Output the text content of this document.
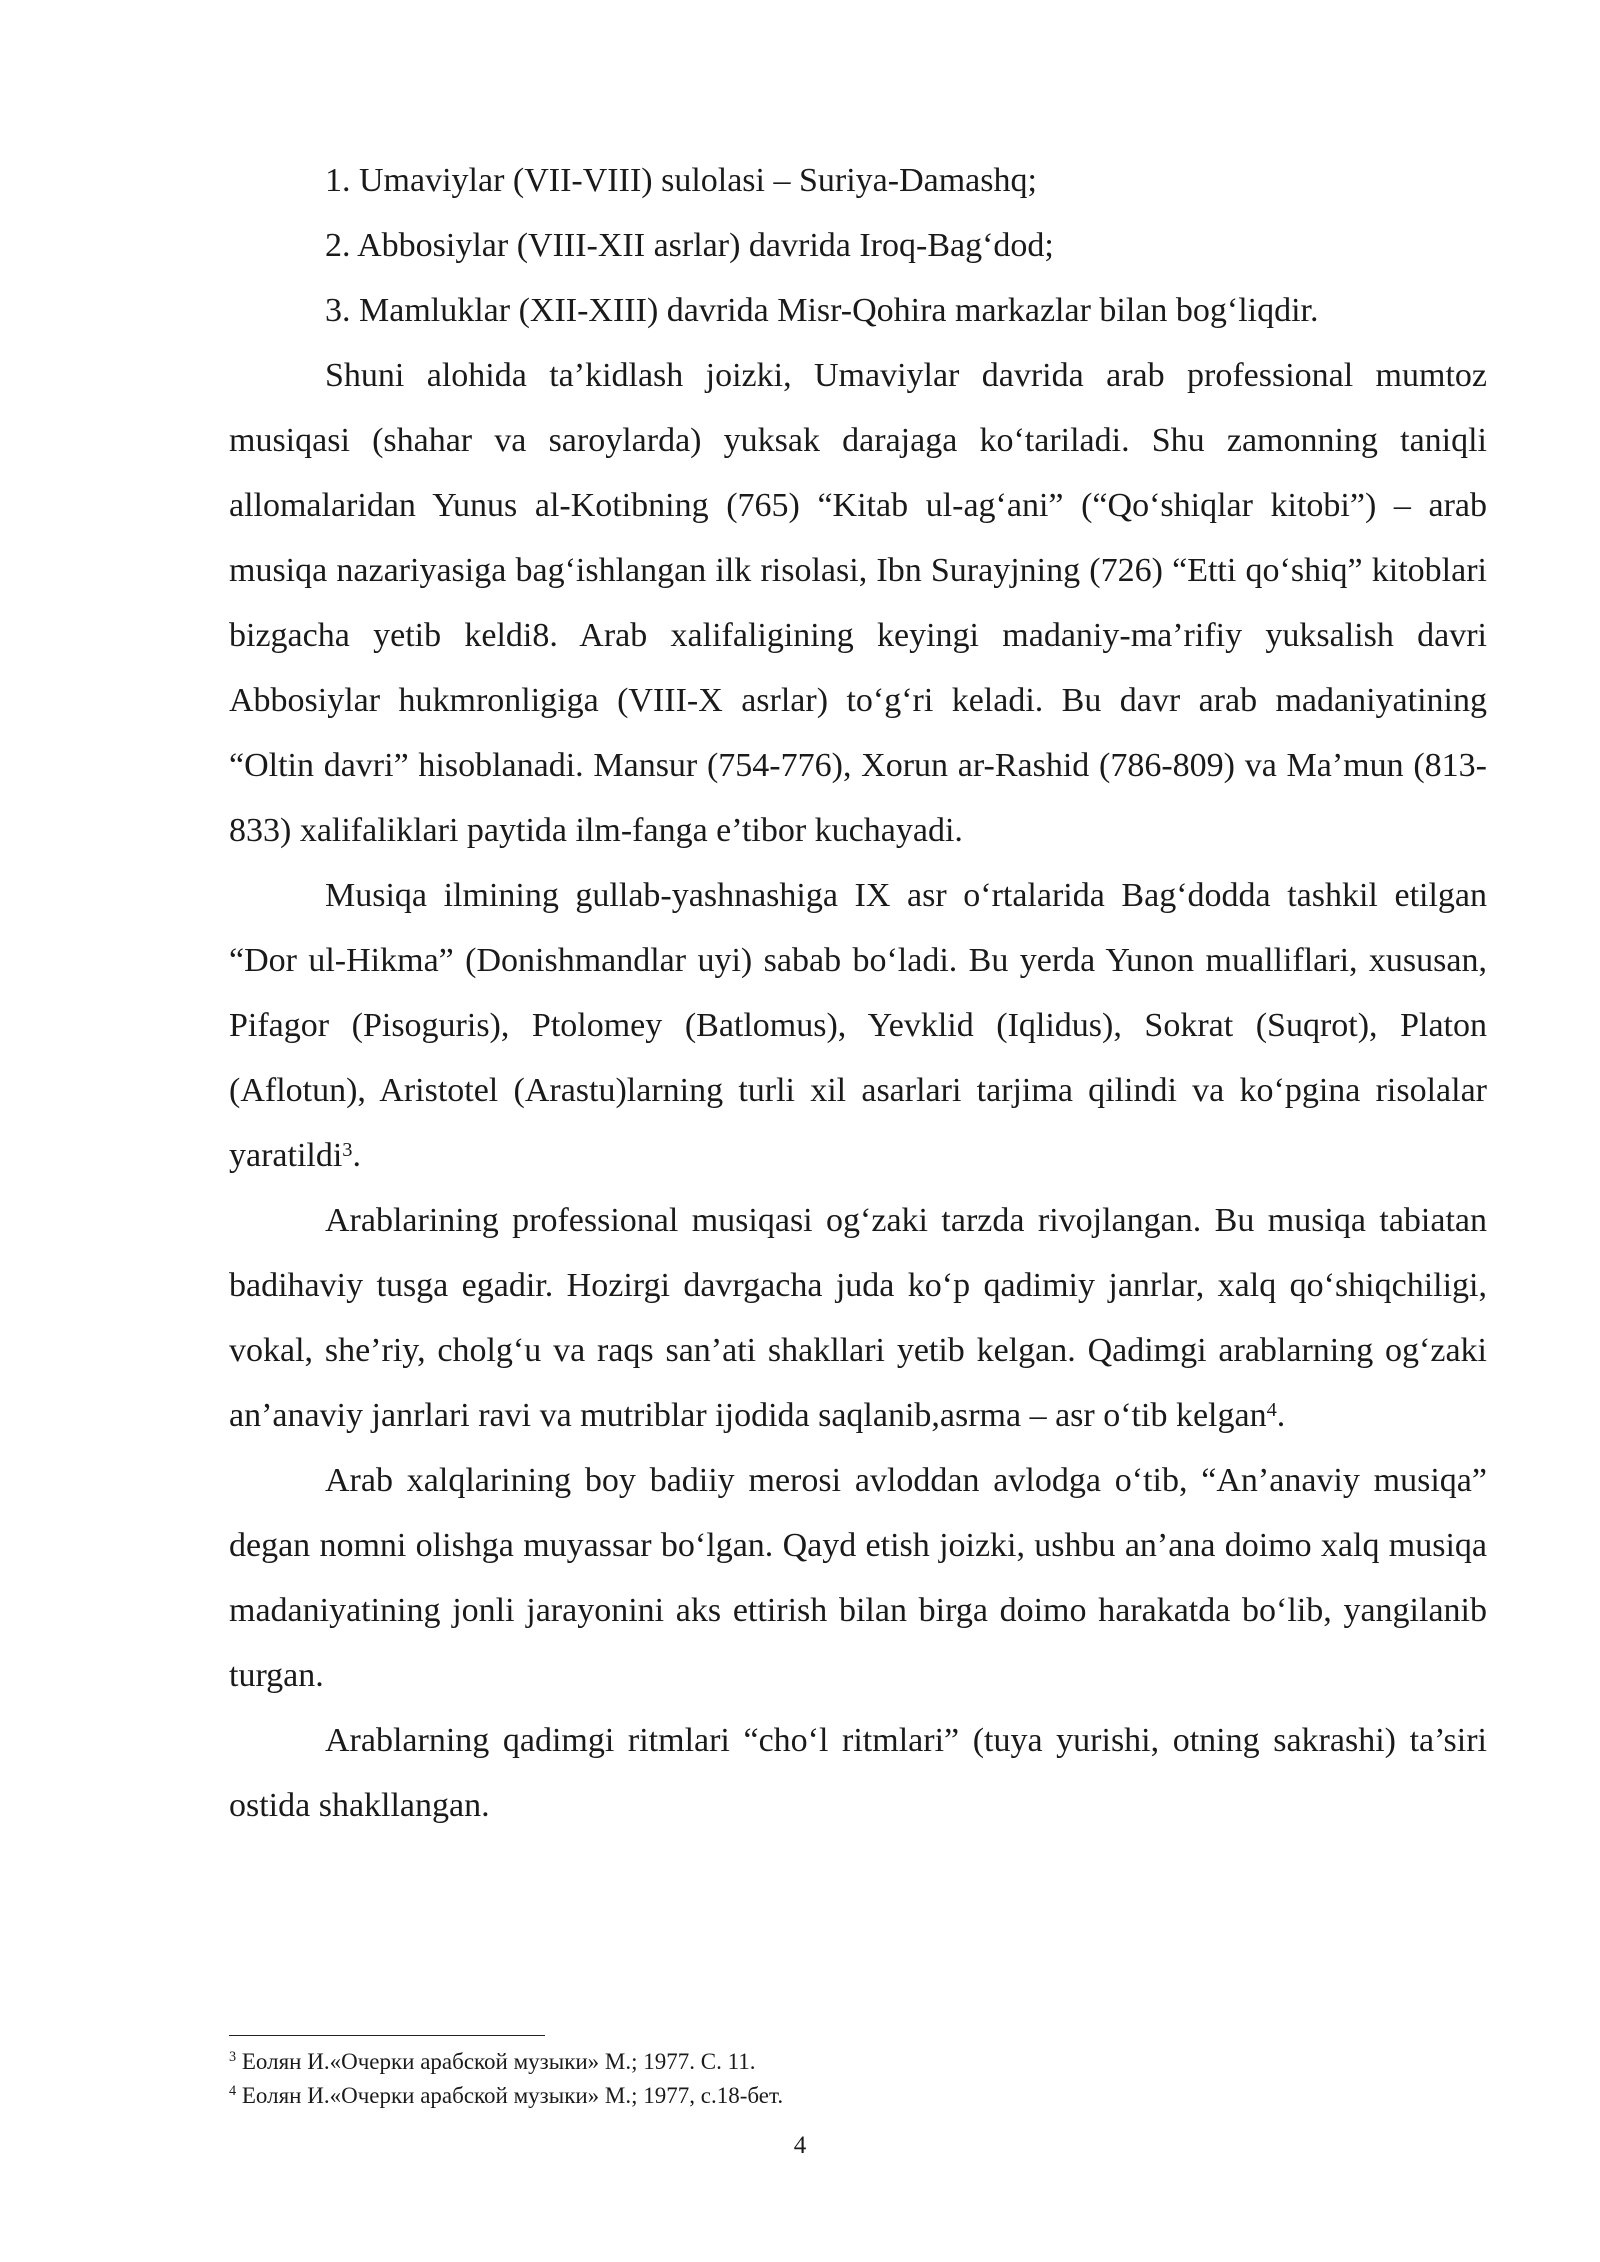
1. Umaviylar (VII-VIII) sulolasi – Suriya-Damashq;
2. Abbosiylar (VIII-XII asrlar) davrida Iroq-Bag‘dod;
3. Mamluklar (XII-XIII) davrida Misr-Qohira markazlar bilan bog‘liqdir.

Shuni alohida ta’kidlash joizki, Umaviylar davrida arab professional mumtoz musiqasi (shahar va saroylarda) yuksak darajaga ko‘tariladi. Shu zamonning taniqli allomalaridan Yunus al-Kotibning (765) “Kitab ul-ag‘ani” (“Qo‘shiqlar kitobi”) – arab musiqa nazariyasiga bag‘ishlangan ilk risolasi, Ibn Surayjning (726) “Etti qo‘shiq” kitoblari bizgacha yetib keldi8. Arab xalifaligining keyingi madaniy-ma’rifiy yuksalish davri Abbosiylar hukmronligiga (VIII-X asrlar) to‘g‘ri keladi. Bu davr arab madaniyatining “Oltin davri” hisoblanadi. Mansur (754-776), Xorun ar-Rashid (786-809) va Ma’mun (813-833) xalifaliklari paytida ilm-fanga e’tibor kuchayadi.

Musiqa ilmining gullab-yashnashiga IX asr o‘rtalarida Bag‘dodda tashkil etilgan “Dor ul-Hikma” (Donishmandlar uyi) sabab bo‘ladi. Bu yerda Yunon mualliflari, xususan, Pifagor (Pisoguris), Ptolomey (Batlomus), Yevklid (Iqlidus), Sokrat (Suqrot), Platon (Aflotun), Aristotel (Arastu)larning turli xil asarlari tarjima qilindi va ko‘pgina risolalar yaratildi$^3$.

Arablarining professional musiqasi og‘zaki tarzda rivojlangan. Bu musiqa tabiatan badihaviy tusga egadir. Hozirgi davrgacha juda ko‘p qadimiy janrlar, xalq qo‘shiqchiligi, vokal, she’riy, cholg‘u va raqs san’ati shakllari yetib kelgan. Qadimgi arablarning og‘zaki an’anaviy janrlari ravi va mutriblar ijodida saqlanib,asrma – asr o‘tib kelgan$^4$.

Arab xalqlarining boy badiiy merosi avloddan avlodga o‘tib, “An’anaviy musiqa” degan nomni olishga muyassar bo‘lgan. Qayd etish joizki, ushbu an’ana doimo xalq musiqa madaniyatining jonli jarayonini aks ettirish bilan birga doimo harakatda bo‘lib, yangilanib turgan.

Arablarning qadimgi ritmlari “cho‘l ritmlari” (tuya yurishi, otning sakrashi) ta’siri ostida shakllangan.

$^3$ Еолян И.«Очерки арабской музыки» М.; 1977. С. 11.
$^4$ Еолян И.«Очерки арабской музыки» М.; 1977, с.18-бет.
4
